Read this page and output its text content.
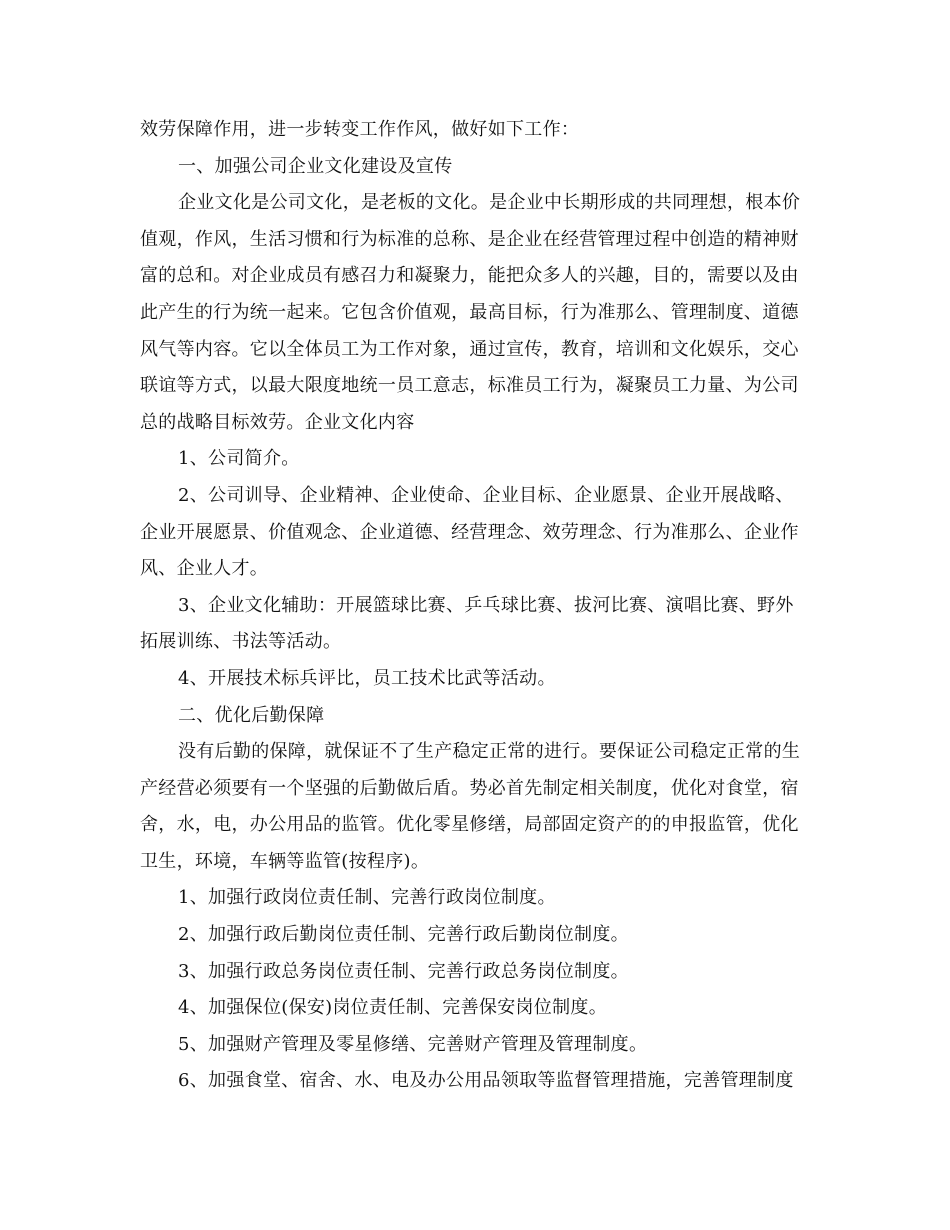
效劳保障作用，进一步转变工作作风，做好如下工作：
一、加强公司企业文化建设及宣传
企业文化是公司文化，是老板的文化。是企业中长期形成的共同理想，根本价
值观，作风，生活习惯和行为标准的总称、是企业在经营管理过程中创造的精神财
富的总和。对企业成员有感召力和凝聚力，能把众多人的兴趣，目的，需要以及由
此产生的行为统一起来。它包含价值观，最高目标，行为准那么、管理制度、道德
风气等内容。它以全体员工为工作对象，通过宣传，教育，培训和文化娱乐，交心
联谊等方式，以最大限度地统一员工意志，标准员工行为，凝聚员工力量、为公司
总的战略目标效劳。企业文化内容
1、公司简介。
2、公司训导、企业精神、企业使命、企业目标、企业愿景、企业开展战略、
企业开展愿景、价值观念、企业道德、经营理念、效劳理念、行为准那么、企业作
风、企业人才。
3、企业文化辅助：开展篮球比赛、乒乓球比赛、拔河比赛、演唱比赛、野外
拓展训练、书法等活动。
4、开展技术标兵评比，员工技术比武等活动。
二、优化后勤保障
没有后勤的保障，就保证不了生产稳定正常的进行。要保证公司稳定正常的生
产经营必须要有一个坚强的后勤做后盾。势必首先制定相关制度，优化对食堂，宿
舍，水，电，办公用品的监管。优化零星修缮，局部固定资产的的申报监管，优化
卫生，环境，车辆等监管(按程序)。
1、加强行政岗位责任制、完善行政岗位制度。
2、加强行政后勤岗位责任制、完善行政后勤岗位制度。
3、加强行政总务岗位责任制、完善行政总务岗位制度。
4、加强保位(保安)岗位责任制、完善保安岗位制度。
5、加强财产管理及零星修缮、完善财产管理及管理制度。
6、加强食堂、宿舍、水、电及办公用品领取等监督管理措施，完善管理制度
